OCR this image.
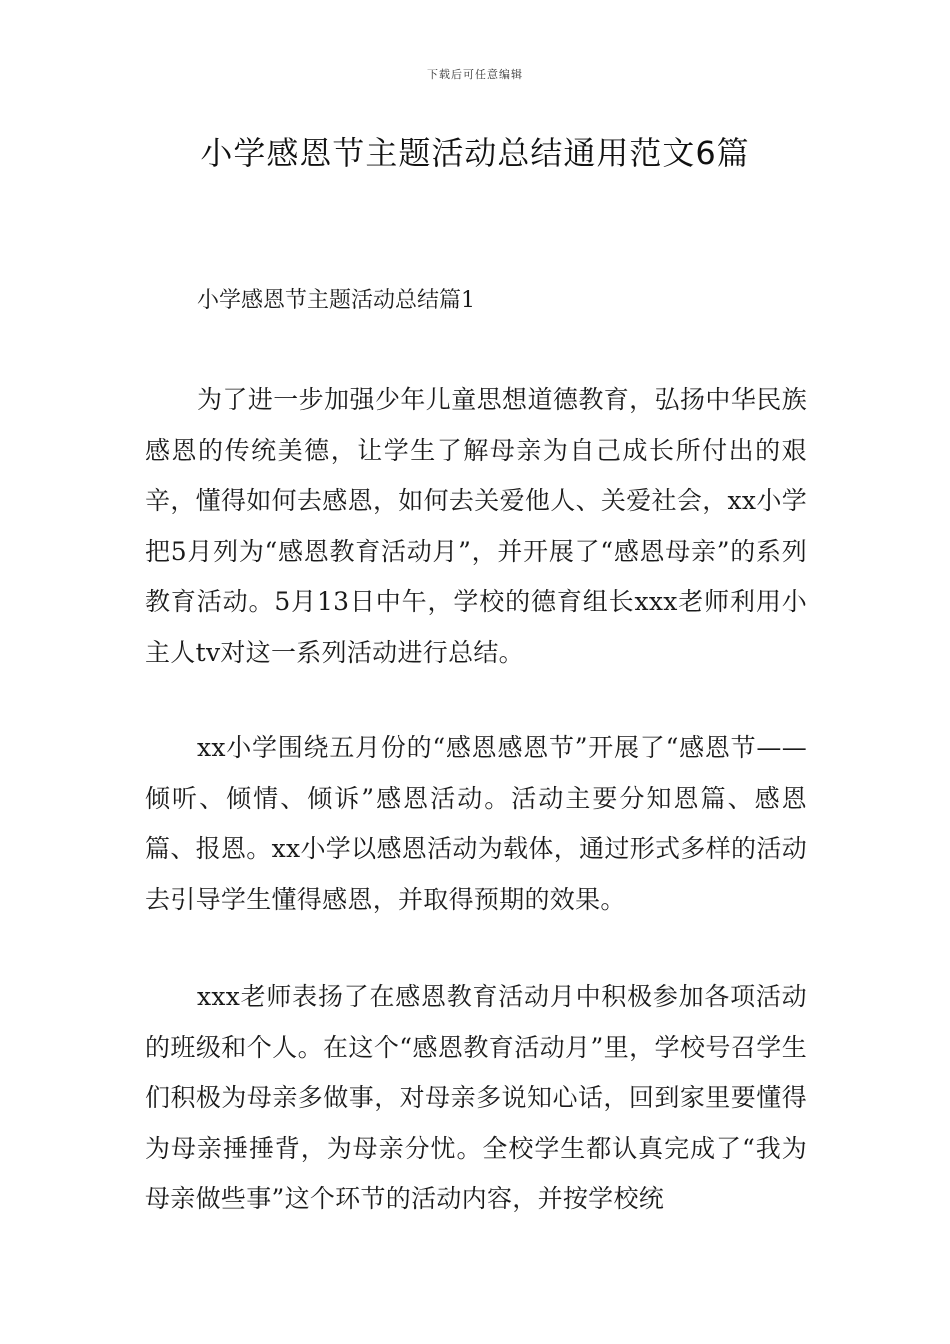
下载后可任意编辑
小学感恩节主题活动总结通用范文6篇
小学感恩节主题活动总结篇1

为了进一步加强少年儿童思想道德教育，弘扬中华民族感恩的传统美德，让学生了解母亲为自己成长所付出的艰辛，懂得如何去感恩，如何去关爱他人、关爱社会，xx小学把5月列为“感恩教育活动月”，并开展了“感恩母亲”的系列教育活动。5月13日中午，学校的德育组长xxx老师利用小主人tv对这一系列活动进行总结。

xx小学围绕五月份的“感恩感恩节”开展了“感恩节——倾听、倾情、倾诉”感恩活动。活动主要分知恩篇、感恩篇、报恩。xx小学以感恩活动为载体，通过形式多样的活动去引导学生懂得感恩，并取得预期的效果。

xxx老师表扬了在感恩教育活动月中积极参加各项活动的班级和个人。在这个“感恩教育活动月”里，学校号召学生们积极为母亲多做事，对母亲多说知心话，回到家里要懂得为母亲捶捶背，为母亲分忧。全校学生都认真完成了“我为母亲做些事”这个环节的活动内容，并按学校统
